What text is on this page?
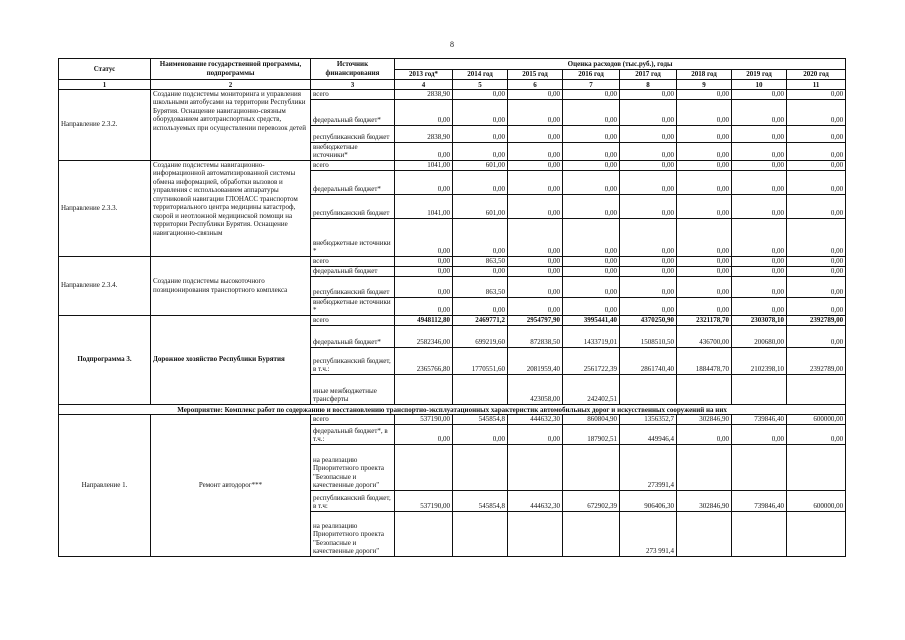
8
Статус	Наименование государственной программы, подпрограммы	Источник финансирования	Оценка расходов (тыс.руб.), годы							
			2013 год*	2014 год	2015 год	2016 год	2017 год	2018 год	2019 год	2020 год
1	2	3	4	5	6	7	8	9	10	11
Направление 2.3.2.	Создание подсистемы мониторинга и управления школьными автобусами на территории Республики Бурятия. Оснащение навигационно-связным оборудованием автотранспортных средств, используемых при осуществлении перевозок детей	всего	2838,90	0,00	0,00	0,00	0,00	0,00	0,00	0,00
		федеральный бюджет*	0,00	0,00	0,00	0,00	0,00	0,00	0,00	0,00
		республиканский бюджет	2838,90	0,00	0,00	0,00	0,00	0,00	0,00	0,00
		внебюджетные источники*	0,00	0,00	0,00	0,00	0,00	0,00	0,00	0,00
Направление 2.3.3.	Создание подсистемы навигационно-информационной автоматизированной системы обмена информацией, обработки вызовов и управления с использованием аппаратуры спутниковой навигации ГЛОНАСС транспортом территориального центра медицины катастроф, скорой и неотложной медицинской помощи на территории Республики Бурятия. Оснащение навигационно-связным	всего	1041,00	601,00	0,00	0,00	0,00	0,00	0,00	0,00
		федеральный бюджет*	0,00	0,00	0,00	0,00	0,00	0,00	0,00	0,00
		республиканский бюджет	1041,00	601,00	0,00	0,00	0,00	0,00	0,00	0,00
		внебюджетные источники *	0,00	0,00	0,00	0,00	0,00	0,00	0,00	0,00
Направление 2.3.4.	Создание подсистемы высокоточного позиционирования транспортного комплекса	всего	0,00	863,50	0,00	0,00	0,00	0,00	0,00	0,00
		федеральный бюджет	0,00	0,00	0,00	0,00	0,00	0,00	0,00	0,00
		республиканский бюджет	0,00	863,50	0,00	0,00	0,00	0,00	0,00	0,00
		внебюджетные источники *	0,00	0,00	0,00	0,00	0,00	0,00	0,00	0,00
Подпрограмма 3.	Дорожное хозяйство Республики Бурятия	всего	4948112,80	2469771,2	2954797,90	3995441,40	4370250,90	2321178,70	2303078,10	2392789,00
		федеральный бюджет*	2582346,00	699219,60	872838,50	1433719,01	1508510,50	436700,00	200680,00	0,00
		республиканский бюджет, в т.ч.:	2365766,80	1770551,60	2081959,40	2561722,39	2861740,40	1884478,70	2102398,10	2392789,00
		иные межбюджетные трансферты			423058,00	242402,51				
Мероприятие: Комплекс работ по содержанию и восстановлению транспортно-эксплуатационных характеристик автомобильных дорог и искусственных сооружений на них										
Направление 1.	Ремонт автодорог***	всего	537190,00	545854,8	444632,30	860804,90	1356352,7	302846,90	739846,40	600000,00
		федеральный бюджет*, в т.ч.:	0,00	0,00	0,00	187902,51	449946,4	0,00	0,00	0,00
		на реализацию Приоритетного проекта "Безопасные и качественные дороги"					273991,4			
		республиканский бюджет, в т.ч:	537190,00	545854,8	444632,30	672902,39	906406,30	302846,90	739846,40	600000,00
		на реализацию Приоритетного проекта "Безопасные и качественные дороги"					273 991,4			
